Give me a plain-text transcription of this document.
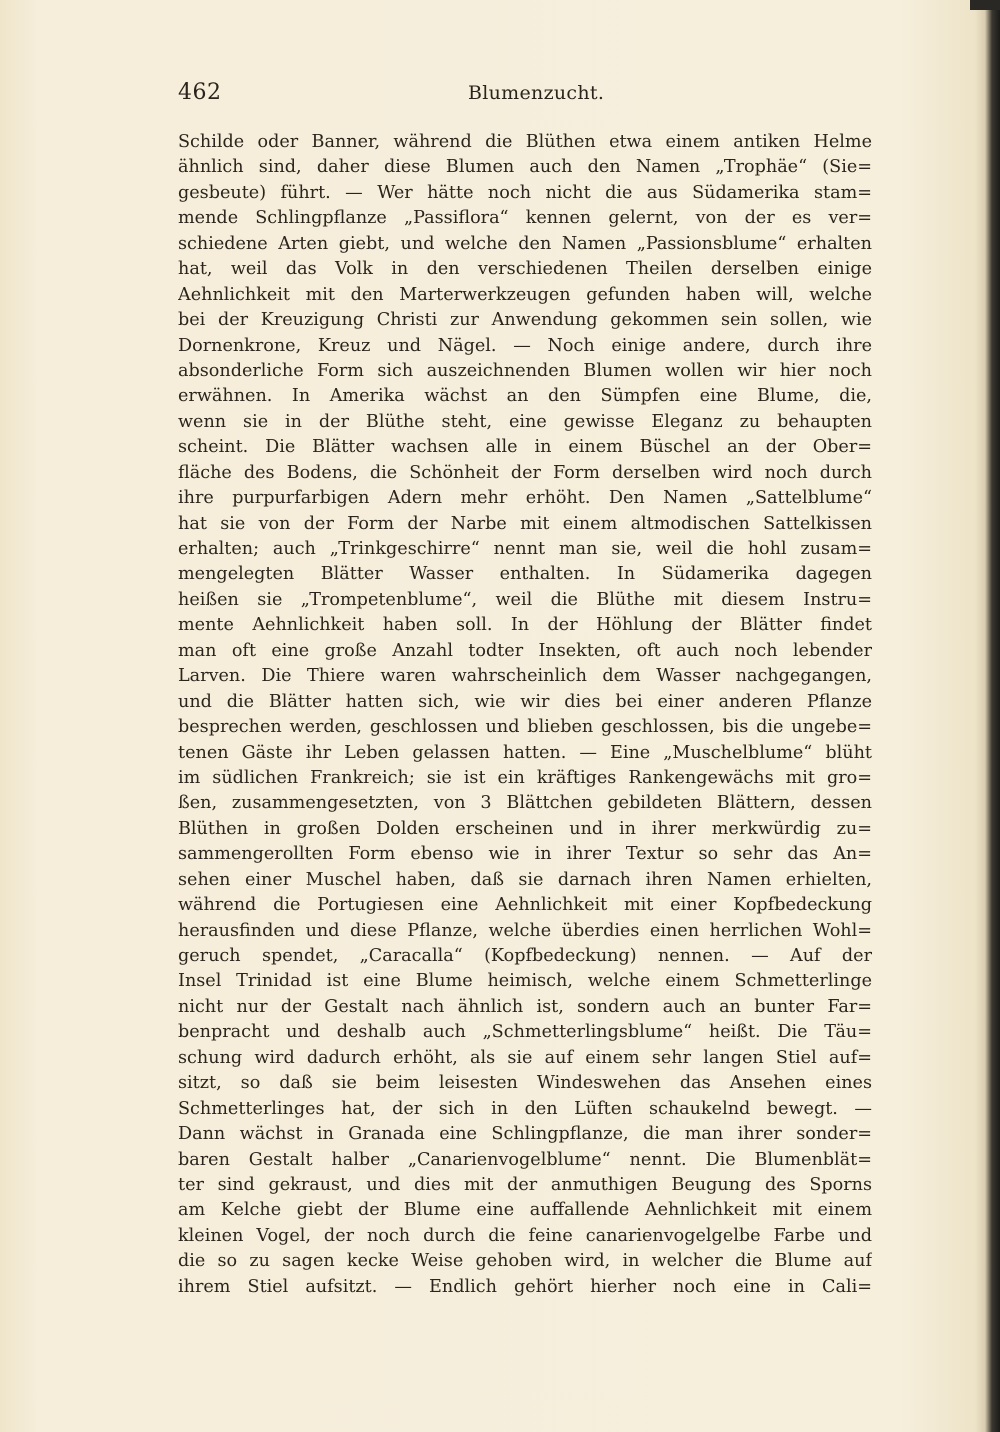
462	Blumenzucht.
Schilde oder Banner, während die Blüthen etwa einem antiken Helme
ähnlich sind, daher diese Blumen auch den Namen „Trophäe“ (Sie=
gesbeute) führt. — Wer hätte noch nicht die aus Südamerika stam=
mende Schlingpflanze „Passiflora“ kennen gelernt, von der es ver=
schiedene Arten giebt, und welche den Namen „Passionsblume“ erhalten
hat, weil das Volk in den verschiedenen Theilen derselben einige
Aehnlichkeit mit den Marterwerkzeugen gefunden haben will, welche
bei der Kreuzigung Christi zur Anwendung gekommen sein sollen, wie
Dornenkrone, Kreuz und Nägel. — Noch einige andere, durch ihre
absonderliche Form sich auszeichnenden Blumen wollen wir hier noch
erwähnen. In Amerika wächst an den Sümpfen eine Blume, die,
wenn sie in der Blüthe steht, eine gewisse Eleganz zu behaupten
scheint. Die Blätter wachsen alle in einem Büschel an der Ober=
fläche des Bodens, die Schönheit der Form derselben wird noch durch
ihre purpurfarbigen Adern mehr erhöht. Den Namen „Sattelblume“
hat sie von der Form der Narbe mit einem altmodischen Sattelkissen
erhalten; auch „Trinkgeschirre“ nennt man sie, weil die hohl zusam=
mengelegten Blätter Wasser enthalten. In Südamerika dagegen
heißen sie „Trompetenblume“, weil die Blüthe mit diesem Instru=
mente Aehnlichkeit haben soll. In der Höhlung der Blätter findet
man oft eine große Anzahl todter Insekten, oft auch noch lebender
Larven. Die Thiere waren wahrscheinlich dem Wasser nachgegangen,
und die Blätter hatten sich, wie wir dies bei einer anderen Pflanze
besprechen werden, geschlossen und blieben geschlossen, bis die ungebe=
tenen Gäste ihr Leben gelassen hatten. — Eine „Muschelblume“ blüht
im südlichen Frankreich; sie ist ein kräftiges Rankengewächs mit gro=
ßen, zusammengesetzten, von 3 Blättchen gebildeten Blättern, dessen
Blüthen in großen Dolden erscheinen und in ihrer merkwürdig zu=
sammengerollten Form ebenso wie in ihrer Textur so sehr das An=
sehen einer Muschel haben, daß sie darnach ihren Namen erhielten,
während die Portugiesen eine Aehnlichkeit mit einer Kopfbedeckung
herausfinden und diese Pflanze, welche überdies einen herrlichen Wohl=
geruch spendet, „Caracalla“ (Kopfbedeckung) nennen. — Auf der
Insel Trinidad ist eine Blume heimisch, welche einem Schmetterlinge
nicht nur der Gestalt nach ähnlich ist, sondern auch an bunter Far=
benpracht und deshalb auch „Schmetterlingsblume“ heißt. Die Täu=
schung wird dadurch erhöht, als sie auf einem sehr langen Stiel auf=
sitzt, so daß sie beim leisesten Windeswehen das Ansehen eines
Schmetterlinges hat, der sich in den Lüften schaukelnd bewegt. —
Dann wächst in Granada eine Schlingpflanze, die man ihrer sonder=
baren Gestalt halber „Canarienvogelblume“ nennt. Die Blumenblät=
ter sind gekraust, und dies mit der anmuthigen Beugung des Sporns
am Kelche giebt der Blume eine auffallende Aehnlichkeit mit einem
kleinen Vogel, der noch durch die feine canarienvogelgelbe Farbe und
die so zu sagen kecke Weise gehoben wird, in welcher die Blume auf
ihrem Stiel aufsitzt. — Endlich gehört hierher noch eine in Cali=
